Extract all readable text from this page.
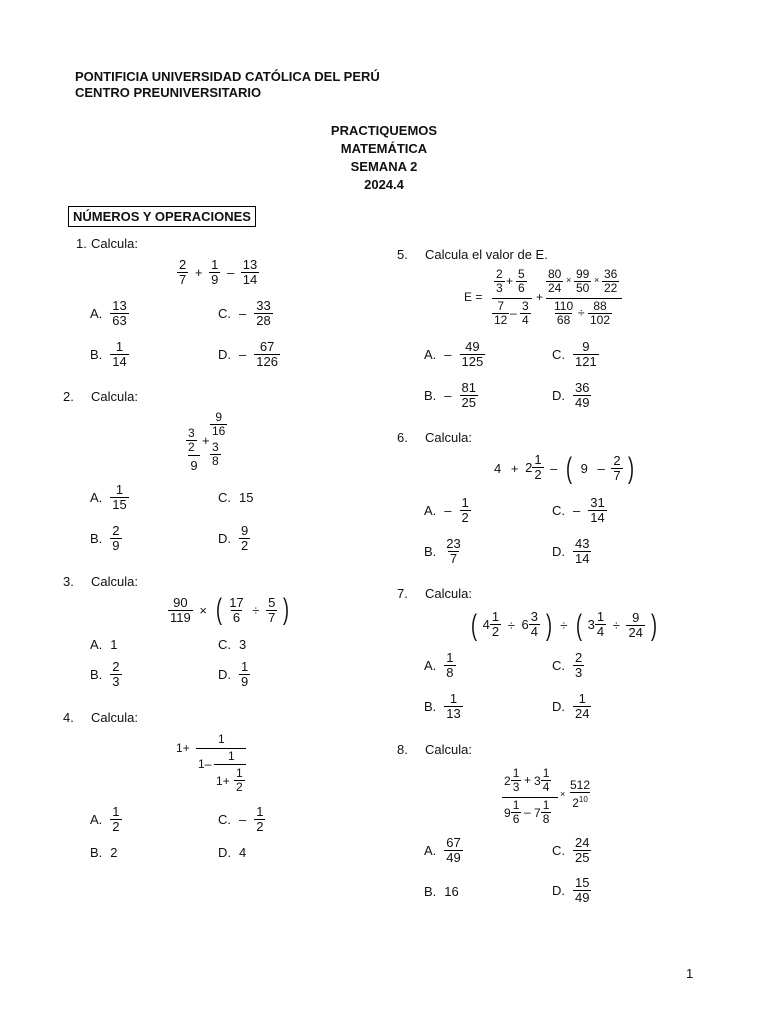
PONTIFICIA UNIVERSIDAD CATÓLICA DEL PERÚ
CENTRO PREUNIVERSITARIO
PRACTIQUEMOS
MATEMÁTICA
SEMANA 2
2024.4
NÚMEROS Y OPERACIONES
1. Calcula:
$\frac{2}{7} + \frac{1}{9} - \frac{13}{14}$
A. $\frac{13}{63}$	C. – $\frac{33}{28}$
B. $\frac{1}{14}$	D. – $\frac{67}{126}$
2. Calcula:
$\frac{9}{16}$
$\frac{3}{2}$ +
$\frac{3}{8}$
9
A. $\frac{1}{15}$	C. 15
B. $\frac{2}{9}$	D. $\frac{9}{2}$
3. Calcula:
$\frac{90}{119}$ × ( $\frac{17}{6} \div \frac{5}{7}$ )
A. 1	C. 3
B. $\frac{2}{3}$	D. $\frac{1}{9}$
4. Calcula:
1+
1
1–
1
$1+ \frac{1}{2}$
A. $\frac{1}{2}$	C. – $\frac{1}{2}$
B. 2	D. 4
5. Calcula el valor de E.
E =
$\frac{2}{3} + \frac{5}{6}$
$\frac{7}{12} - \frac{3}{4}$
+
$\frac{80}{24} \times \frac{99}{50} \times \frac{36}{22}$
$\frac{110}{68} \div \frac{88}{102}$
A. – $\frac{49}{125}$	C. $\frac{9}{121}$
B. – $\frac{81}{25}$	D. $\frac{36}{49}$
6. Calcula:
$4 + 2 \frac{1}{2}$ – ( $9 - \frac{2}{7}$ )
A. – $\frac{1}{2}$	C. – $\frac{31}{14}$
B. $\frac{23}{7}$	D. $\frac{43}{14}$
7. Calcula:
( $4 \frac{1}{2} \div 6 \frac{3}{4}$ ) ÷ ( $3 \frac{1}{4} \div \frac{9}{24}$ )
A. $\frac{1}{8}$	C. $\frac{2}{3}$
B. $\frac{1}{13}$	D. $\frac{1}{24}$
8. Calcula:
$2 \frac{1}{3} + 3 \frac{1}{4}$
$9 \frac{1}{6} - 7 \frac{1}{8}$
× $\frac{512}{2^{10}}$
A. $\frac{67}{49}$	C. $\frac{24}{25}$
B. 16	D. $\frac{15}{49}$
1
